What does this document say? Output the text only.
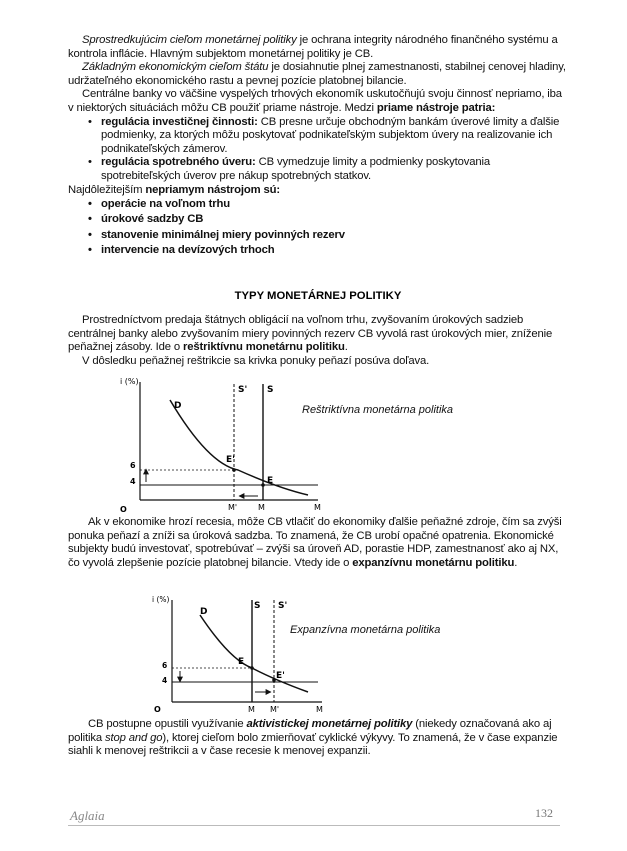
Sprostredkujúcim cieľom monetárnej politiky je ochrana integrity národného finančného systému a kontrola inflácie. Hlavným subjektom monetárnej politiky je CB.

Základným ekonomickým cieľom štátu je dosiahnutie plnej zamestnanosti, stabilnej cenovej hladiny, udržateľného ekonomického rastu a pevnej pozície platobnej bilancie.

Centrálne banky vo väčšine vyspelých trhových ekonomík uskutočňujú svoju činnosť nepriamo, iba v niektorých situáciách môžu CB použiť priame nástroje. Medzi priame nástroje patria:

• regulácia investičnej činnosti: CB presne určuje obchodným bankám úverové limity a ďalšie podmienky, za ktorých môžu poskytovať podnikateľským subjektom úvery na realizovanie ich podnikateľských zámerov.
• regulácia spotrebného úveru: CB vymedzuje limity a podmienky poskytovania spotrebiteľských úverov pre nákup spotrebných statkov.

Najdôležitejším nepriamym nástrojom sú:

• operácie na voľnom trhu
• úrokové sadzby CB
• stanovenie minimálnej miery povinných rezerv
• intervencie na devízových trhoch
TYPY MONETÁRNEJ POLITIKY

Prostredníctvom predaja štátnych obligácií na voľnom trhu, zvyšovaním úrokových sadzieb centrálnej banky alebo zvyšovaním miery povinných rezerv CB vyvolá rast úrokových mier, zníženie peňažnej zásoby. Ide o reštriktívnu monetárnu politiku.

V dôsledku peňažnej reštrikcie sa krivka ponuky peňazí posúva doľava.

i (%)
M
O
S' S
D
6
4
E'
E
M'	M
Reštriktívna monetárna politika

Ak v ekonomike hrozí recesia, môže CB vtlačiť do ekonomiky ďalšie peňažné zdroje, čím sa zvýši ponuka peňazí a zníži sa úroková sadzba. To znamená, že CB urobí opačné opatrenia. Ekonomické subjekty budú investovať, spotrebúvať – zvýši sa úroveň AD, porastie HDP, zamestnanosť ako aj NX, čo vyvolá zlepšenie pozície platobnej bilancie. Vtedy ide o expanzívnu monetárnu politiku.

i (%)
M
O
S S'
D
6
4
E
E'
M M'
Expanzívna monetárna politika

CB postupne opustili využívanie aktivistickej monetárnej politiky (niekedy označovaná ako aj politika stop and go), ktorej cieľom bolo zmierňovať cyklické výkyvy. To znamená, že v čase expanzie siahli k menovej reštrikcii a v čase recesie k menovej expanzii.

Aglaia	132
